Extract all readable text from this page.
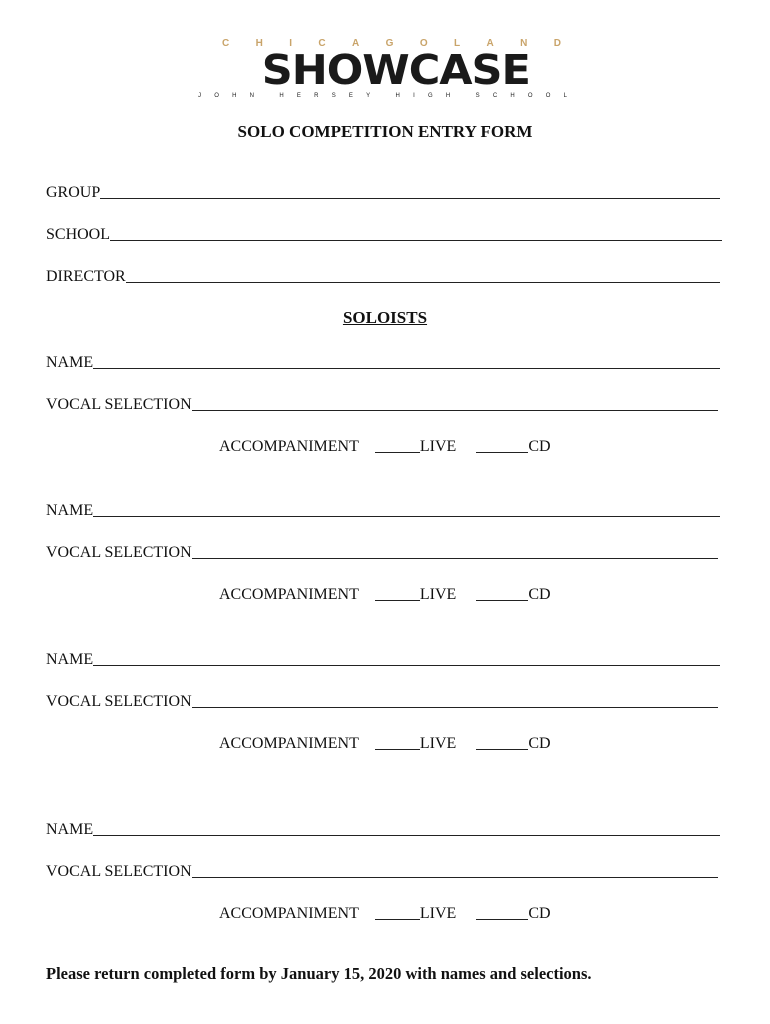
C	H	I	C	A	G	O	L	A	N	D
SHOWCASE
J O H N	H E R S E Y	H I G H	S C H O O L
SOLO COMPETITION ENTRY FORM
GROUP
SCHOOL
DIRECTOR
SOLOISTS
NAME
VOCAL SELECTION
ACCOMPANIMENT	LIVE	CD
NAME
VOCAL SELECTION
ACCOMPANIMENT	LIVE	CD
NAME
VOCAL SELECTION
ACCOMPANIMENT	LIVE	CD
NAME
VOCAL SELECTION
ACCOMPANIMENT	LIVE	CD
Please return completed form by January 15, 2020 with names and selections.
